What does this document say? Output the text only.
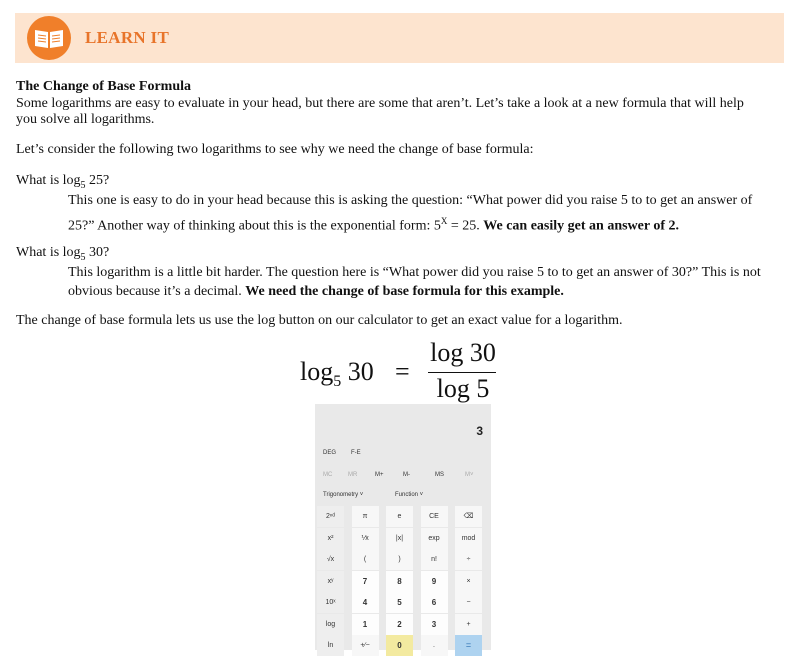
LEARN IT
The Change of Base Formula
Some logarithms are easy to evaluate in your head, but there are some that aren’t. Let’s take a look at a new formula that will help
you solve all logarithms.
Let’s consider the following two logarithms to see why we need the change of base formula:
What is $\log_5 25$?
This one is easy to do in your head because this is asking the question: “What power did you raise 5 to to get an answer of
25?” Another way of thinking about this is the exponential form: $5^X = 25$. We can easily get an answer of 2.
What is $\log_5 30$?
This logarithm is a little bit harder. The question here is “What power did you raise 5 to to get an answer of 30?” This is not
obvious because it’s a decimal. We need the change of base formula for this example.
The change of base formula lets us use the log button on our calculator to get an exact value for a logarithm.
$\log_5 30$ =
log 30
log 5
3
DEG F-E
MC	MR	M+	M-	MS	M˅
Trigonometry ˅	Function ˅
2ⁿᵈ	π	e	CE	⌫
x²	⅟x	|x|	exp	mod
√x	(	)	n!	÷
xʸ	7	8	9	×
10ˣ	4	5	6	−
log	1	2	3	+
ln	+∕−	0	.	=
